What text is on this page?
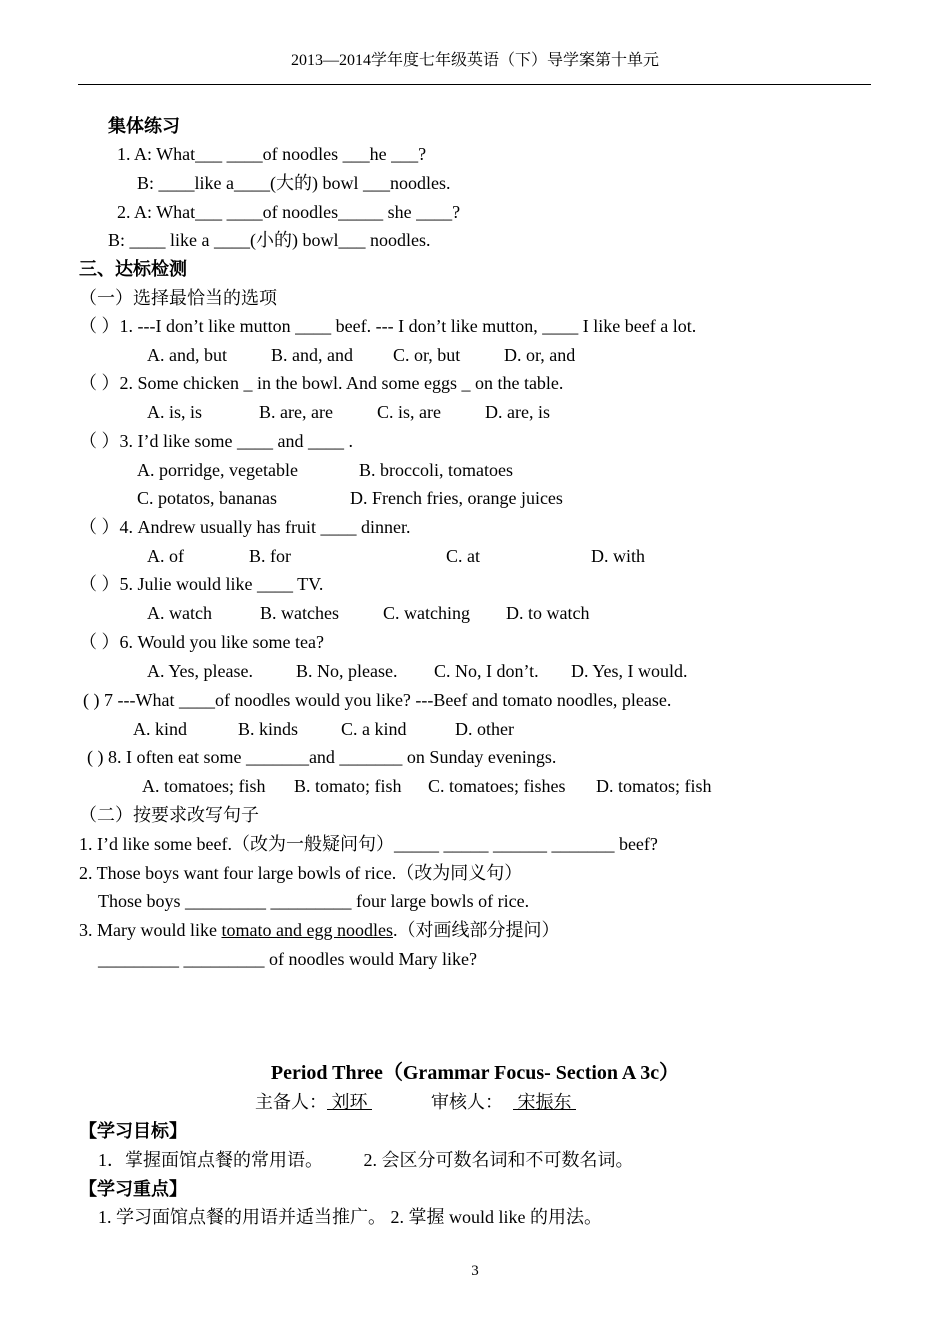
2013—2014学年度七年级英语（下）导学案第十单元
集体练习
1. A: What___ ____of noodles ___he ___?
B: ____like a____(大的) bowl ___noodles.
2. A: What___ ____of noodles_____ she ____?
B: ____ like a ____(小的) bowl___ noodles.
三、达标检测
（一）选择最恰当的选项
（ ）1. ---I don’t like mutton ____ beef. --- I don’t like mutton, ____ I like beef a lot.
A. and, but B. and, and C. or, but D. or, and
（ ）2. Some chicken _ in the bowl. And some eggs _ on the table.
A. is, is	B. are, are C. is, are D. are, is
（ ）3. I’d like some ____ and ____ .
A. porridge, vegetable	B. broccoli, tomatoes
C. potatos, bananas	D. French fries, orange juices
（ ）4. Andrew usually has fruit ____ dinner.
A. of	B. for	C. at	D. with
（ ）5. Julie would like ____ TV.
A. watch	B. watches C. watching D. to watch
（ ）6. Would you like some tea?
A. Yes, please. B. No, please. C. No, I don’t. D. Yes, I would.
( ) 7 ---What ____of noodles would you like? ---Beef and tomato noodles, please.
A. kind	B. kinds C. a kind	D. other
( ) 8. I often eat some _______and _______ on Sunday evenings.
A. tomatoes; fish B. tomato; fish C. tomatoes; fishes D. tomatos; fish
（二）按要求改写句子
1. I’d like some beef.（改为一般疑问句）_____ _____ ______ _______ beef?
2. Those boys want four large bowls of rice.（改为同义句）
Those boys _________ _________ four large bowls of rice.
3. Mary would like tomato and egg noodles.（对画线部分提问）
_________ _________ of noodles would Mary like?
Period Three（Grammar Focus- Section A 3c）
主备人： 刘环	审核人： 宋振东
【学习目标】
1．掌握面馆点餐的常用语。         2. 会区分可数名词和不可数名词。
【学习重点】
1. 学习面馆点餐的用语并适当推广。 2. 掌握 would like 的用法。
3
